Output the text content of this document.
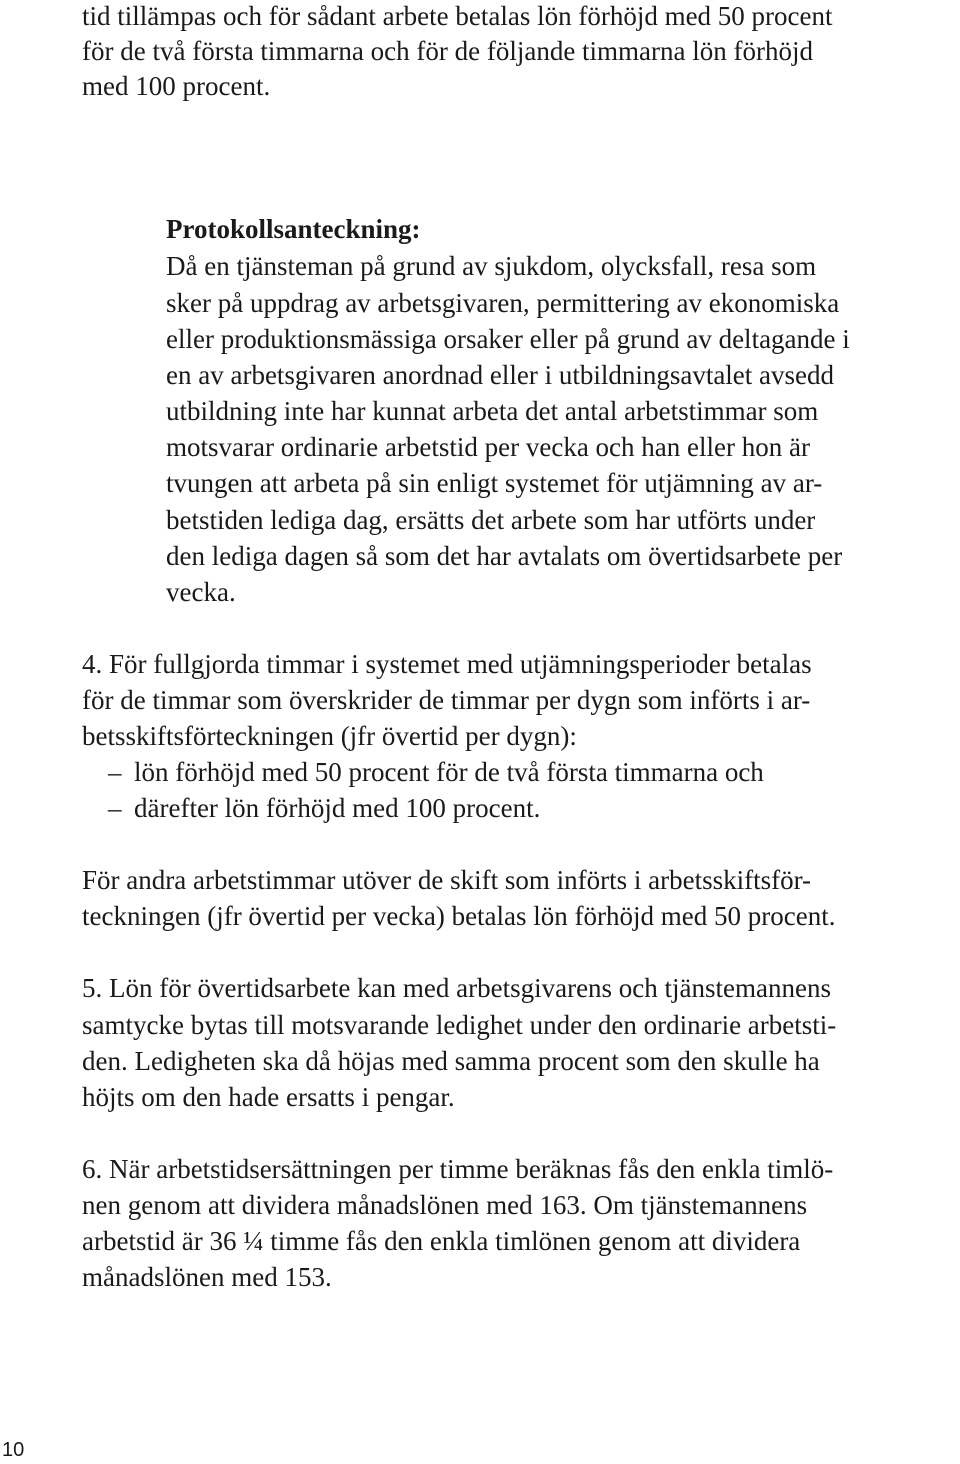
tid tillämpas och för sådant arbete betalas lön förhöjd med 50 procent

för de två första timmarna och för de följande timmarna lön förhöjd

med 100 procent.

Protokollsanteckning:

Då en tjänsteman på grund av sjukdom, olycksfall, resa som

sker på uppdrag av arbetsgivaren, permittering av ekonomiska

eller produktionsmässiga orsaker eller på grund av deltagande i

en av arbetsgivaren anordnad eller i utbildningsavtalet avsedd

utbildning inte har kunnat arbeta det antal arbetstimmar som

motsvarar ordinarie arbetstid per vecka och han eller hon är

tvungen att arbeta på sin enligt systemet för utjämning av ar-

betstiden lediga dag, ersätts det arbete som har utförts under

den lediga dagen så som det har avtalats om övertidsarbete per

vecka.

4. För fullgjorda timmar i systemet med utjämningsperioder betalas

för de timmar som överskrider de timmar per dygn som införts i ar-

betsskiftsförteckningen (jfr övertid per dygn):

– lön förhöjd med 50 procent för de två första timmarna och
– därefter lön förhöjd med 100 procent.

För andra arbetstimmar utöver de skift som införts i arbetsskiftsför-

teckningen (jfr övertid per vecka) betalas lön förhöjd med 50 procent.

5. Lön för övertidsarbete kan med arbetsgivarens och tjänstemannens

samtycke bytas till motsvarande ledighet under den ordinarie arbetsti-

den. Ledigheten ska då höjas med samma procent som den skulle ha

höjts om den hade ersatts i pengar.

6. När arbetstidsersättningen per timme beräknas fås den enkla timlö-

nen genom att dividera månadslönen med 163. Om tjänstemannens

arbetstid är 36 ¼ timme fås den enkla timlönen genom att dividera

månadslönen med 153.

10
